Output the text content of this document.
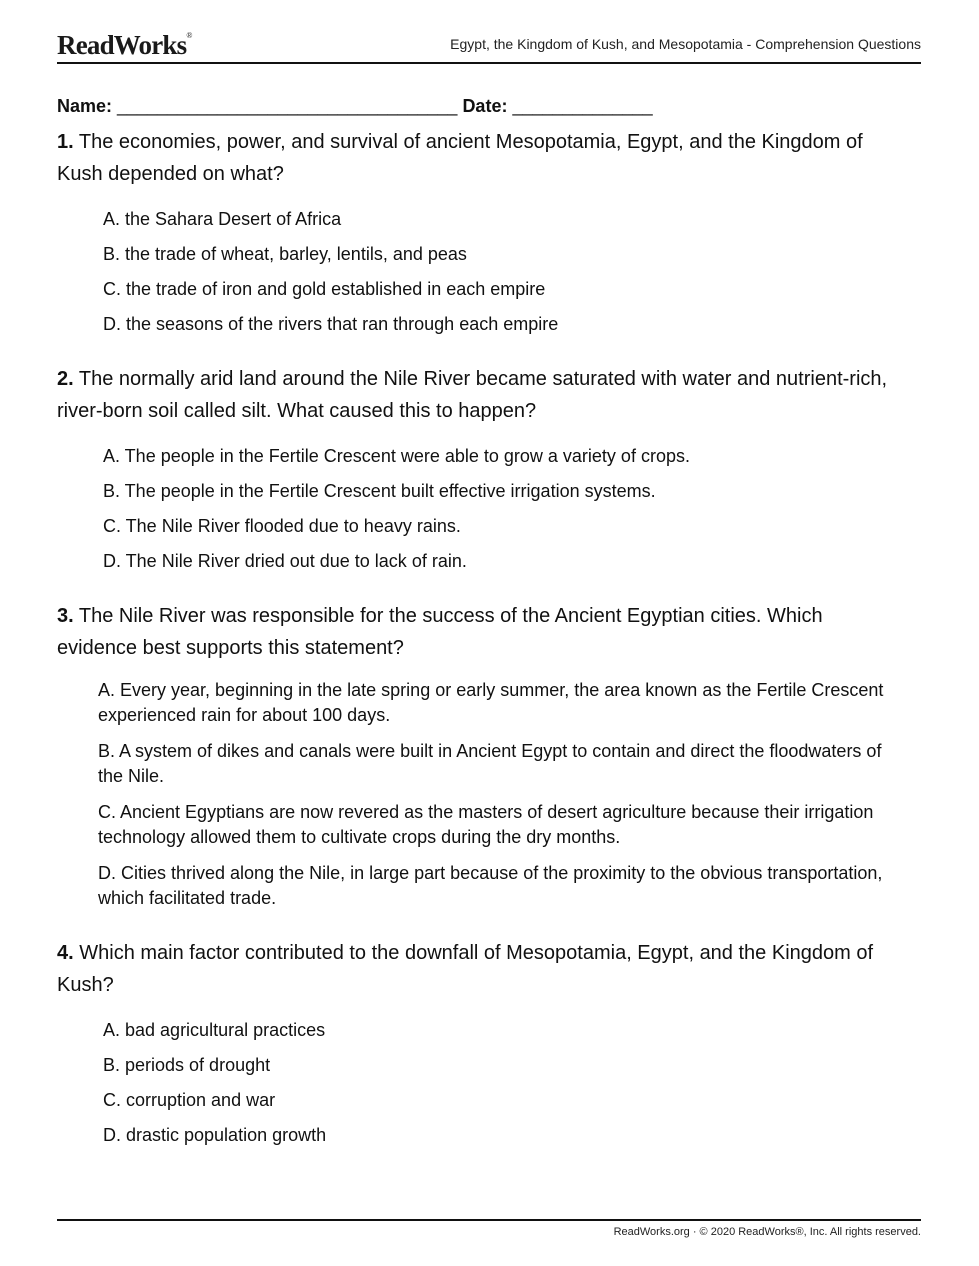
ReadWorks®
Egypt, the Kingdom of Kush, and Mesopotamia - Comprehension Questions
Name: __________________________________ Date: ______________
1. The economies, power, and survival of ancient Mesopotamia, Egypt, and the Kingdom of Kush depended on what?
A. the Sahara Desert of Africa
B. the trade of wheat, barley, lentils, and peas
C. the trade of iron and gold established in each empire
D. the seasons of the rivers that ran through each empire
2. The normally arid land around the Nile River became saturated with water and nutrient-rich, river-born soil called silt. What caused this to happen?
A. The people in the Fertile Crescent were able to grow a variety of crops.
B. The people in the Fertile Crescent built effective irrigation systems.
C. The Nile River flooded due to heavy rains.
D. The Nile River dried out due to lack of rain.
3. The Nile River was responsible for the success of the Ancient Egyptian cities. Which evidence best supports this statement?
A. Every year, beginning in the late spring or early summer, the area known as the Fertile Crescent experienced rain for about 100 days.
B. A system of dikes and canals were built in Ancient Egypt to contain and direct the floodwaters of the Nile.
C. Ancient Egyptians are now revered as the masters of desert agriculture because their irrigation technology allowed them to cultivate crops during the dry months.
D. Cities thrived along the Nile, in large part because of the proximity to the obvious transportation, which facilitated trade.
4. Which main factor contributed to the downfall of Mesopotamia, Egypt, and the Kingdom of Kush?
A. bad agricultural practices
B. periods of drought
C. corruption and war
D. drastic population growth
ReadWorks.org · © 2020 ReadWorks®, Inc. All rights reserved.
